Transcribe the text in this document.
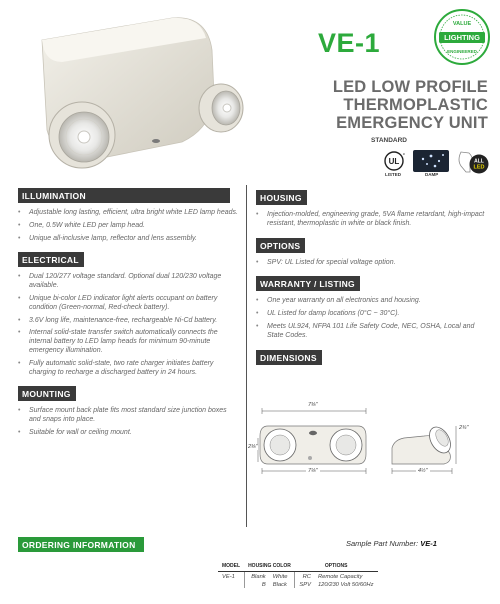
VE-1	LIGHTING
VALUE
ENGINEERED
LED LOW PROFILE
THERMOPLASTIC
EMERGENCY UNIT
STANDARD
UL
c
LISTED	DAMP
ALL
LED
ILLUMINATION
• Adjustable long lasting, efficient, ultra bright white LED lamp heads.
• One, 0.5W white LED per lamp head.
• Unique all-inclusive lamp, reflector and lens assembly.
ELECTRICAL
• Dual 120/277 voltage standard. Optional dual 120/230 voltage available.
• Unique bi-color LED indicator light alerts occupant on battery condition (Green-normal, Red-check battery).
• 3.6V long life, maintenance-free, rechargeable Ni-Cd battery.
• Internal solid-state transfer switch automatically connects the internal battery to LED lamp heads for minimum 90-minute emergency illumination.
• Fully automatic solid-state, two rate charger initiates battery charging to recharge a discharged battery in 24 hours.
MOUNTING
• Surface mount back plate fits most standard size junction boxes and snaps into place.
• Suitable for wall or ceiling mount.
HOUSING
• Injection-molded, engineering grade, 5VA flame retardant, high-impact resistant, thermoplastic in white or black finish.
OPTIONS
• SPV: UL Listed for special voltage option.
WARRANTY / LISTING
• One year warranty on all electronics and housing.
• UL Listed for damp locations (0°C ~ 30°C).
• Meets UL924, NFPA 101 Life Safety Code, NEC, OSHA, Local and State Codes.
DIMENSIONS
7⅜"
2⅜"
7⅛"
2¾"
4½"
ORDERING INFORMATION	Sample Part Number: VE-1
MODEL	HOUSING COLOR		OPTIONS	
VE-1	Blank	White	RC	Remote Capacity
	B	Black	SPV	120/230 Volt 50/60Hz
